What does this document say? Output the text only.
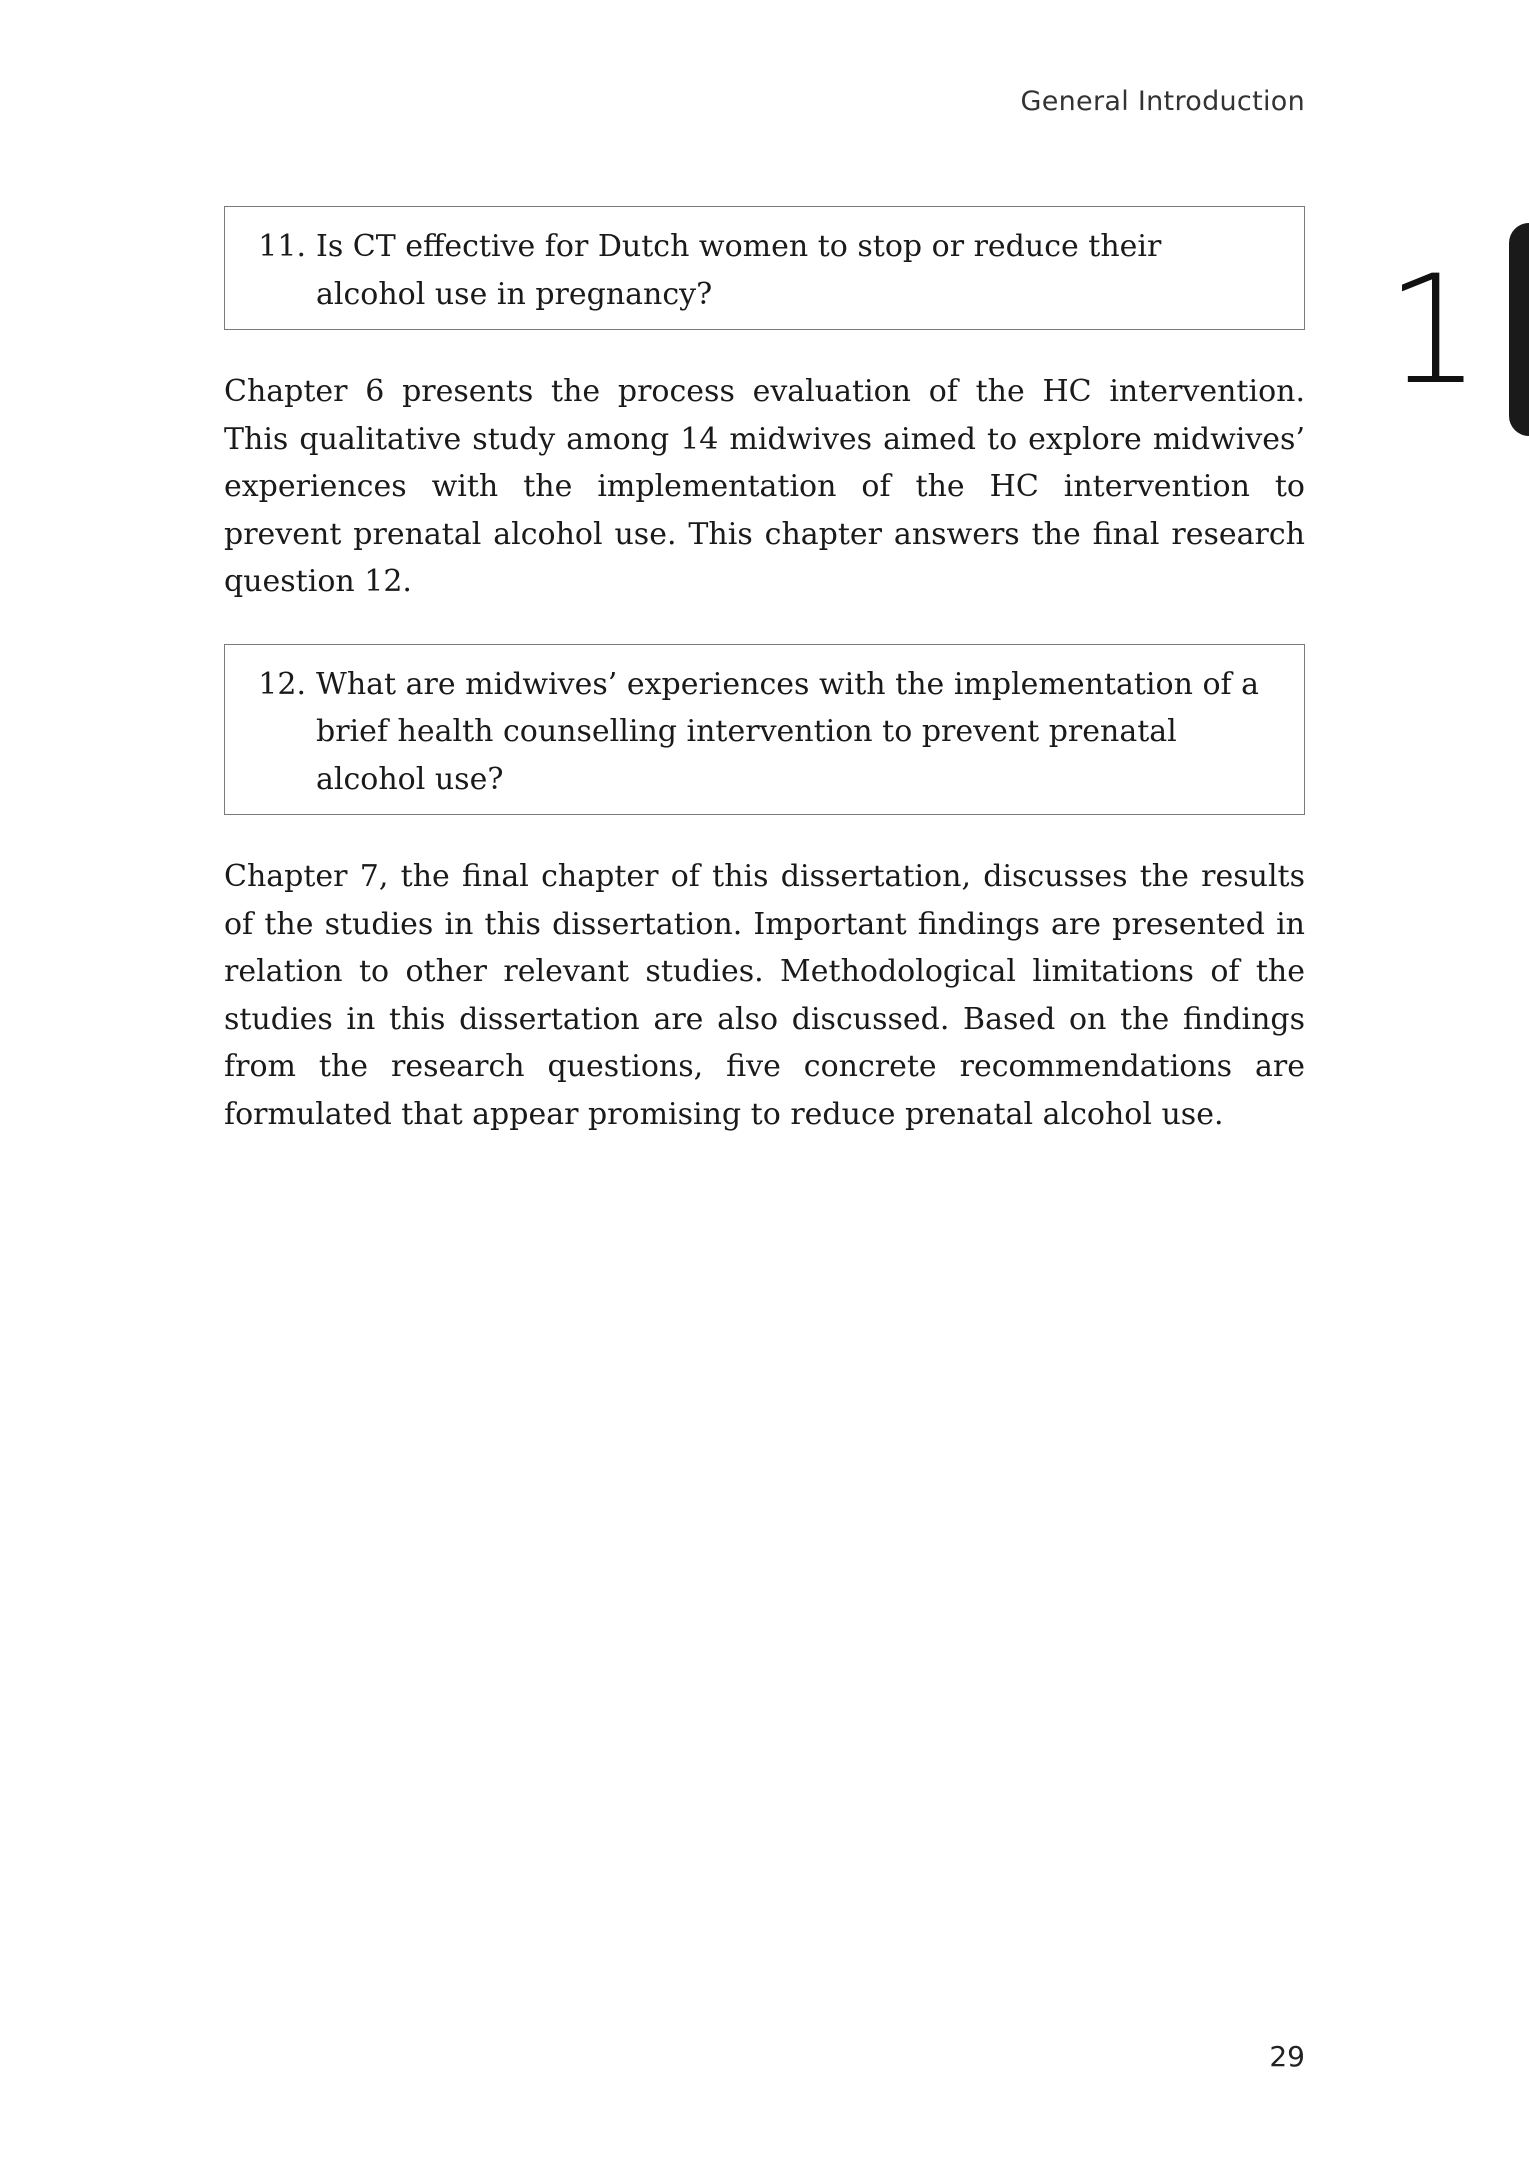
General Introduction
1
11. Is CT effective for Dutch women to stop or reduce their alcohol use in pregnancy?

Chapter 6 presents the process evaluation of the HC intervention. This qualitative study among 14 midwives aimed to explore midwives’ experiences with the implementation of the HC intervention to prevent prenatal alcohol use. This chapter answers the final research question 12.

12. What are midwives’ experiences with the implementation of a brief health counselling intervention to prevent prenatal alcohol use?

Chapter 7, the final chapter of this dissertation, discusses the results of the studies in this dissertation. Important findings are presented in relation to other relevant studies. Methodological limitations of the studies in this dissertation are also discussed. Based on the findings from the research questions, five concrete recommendations are formulated that appear promising to reduce prenatal alcohol use.

29
